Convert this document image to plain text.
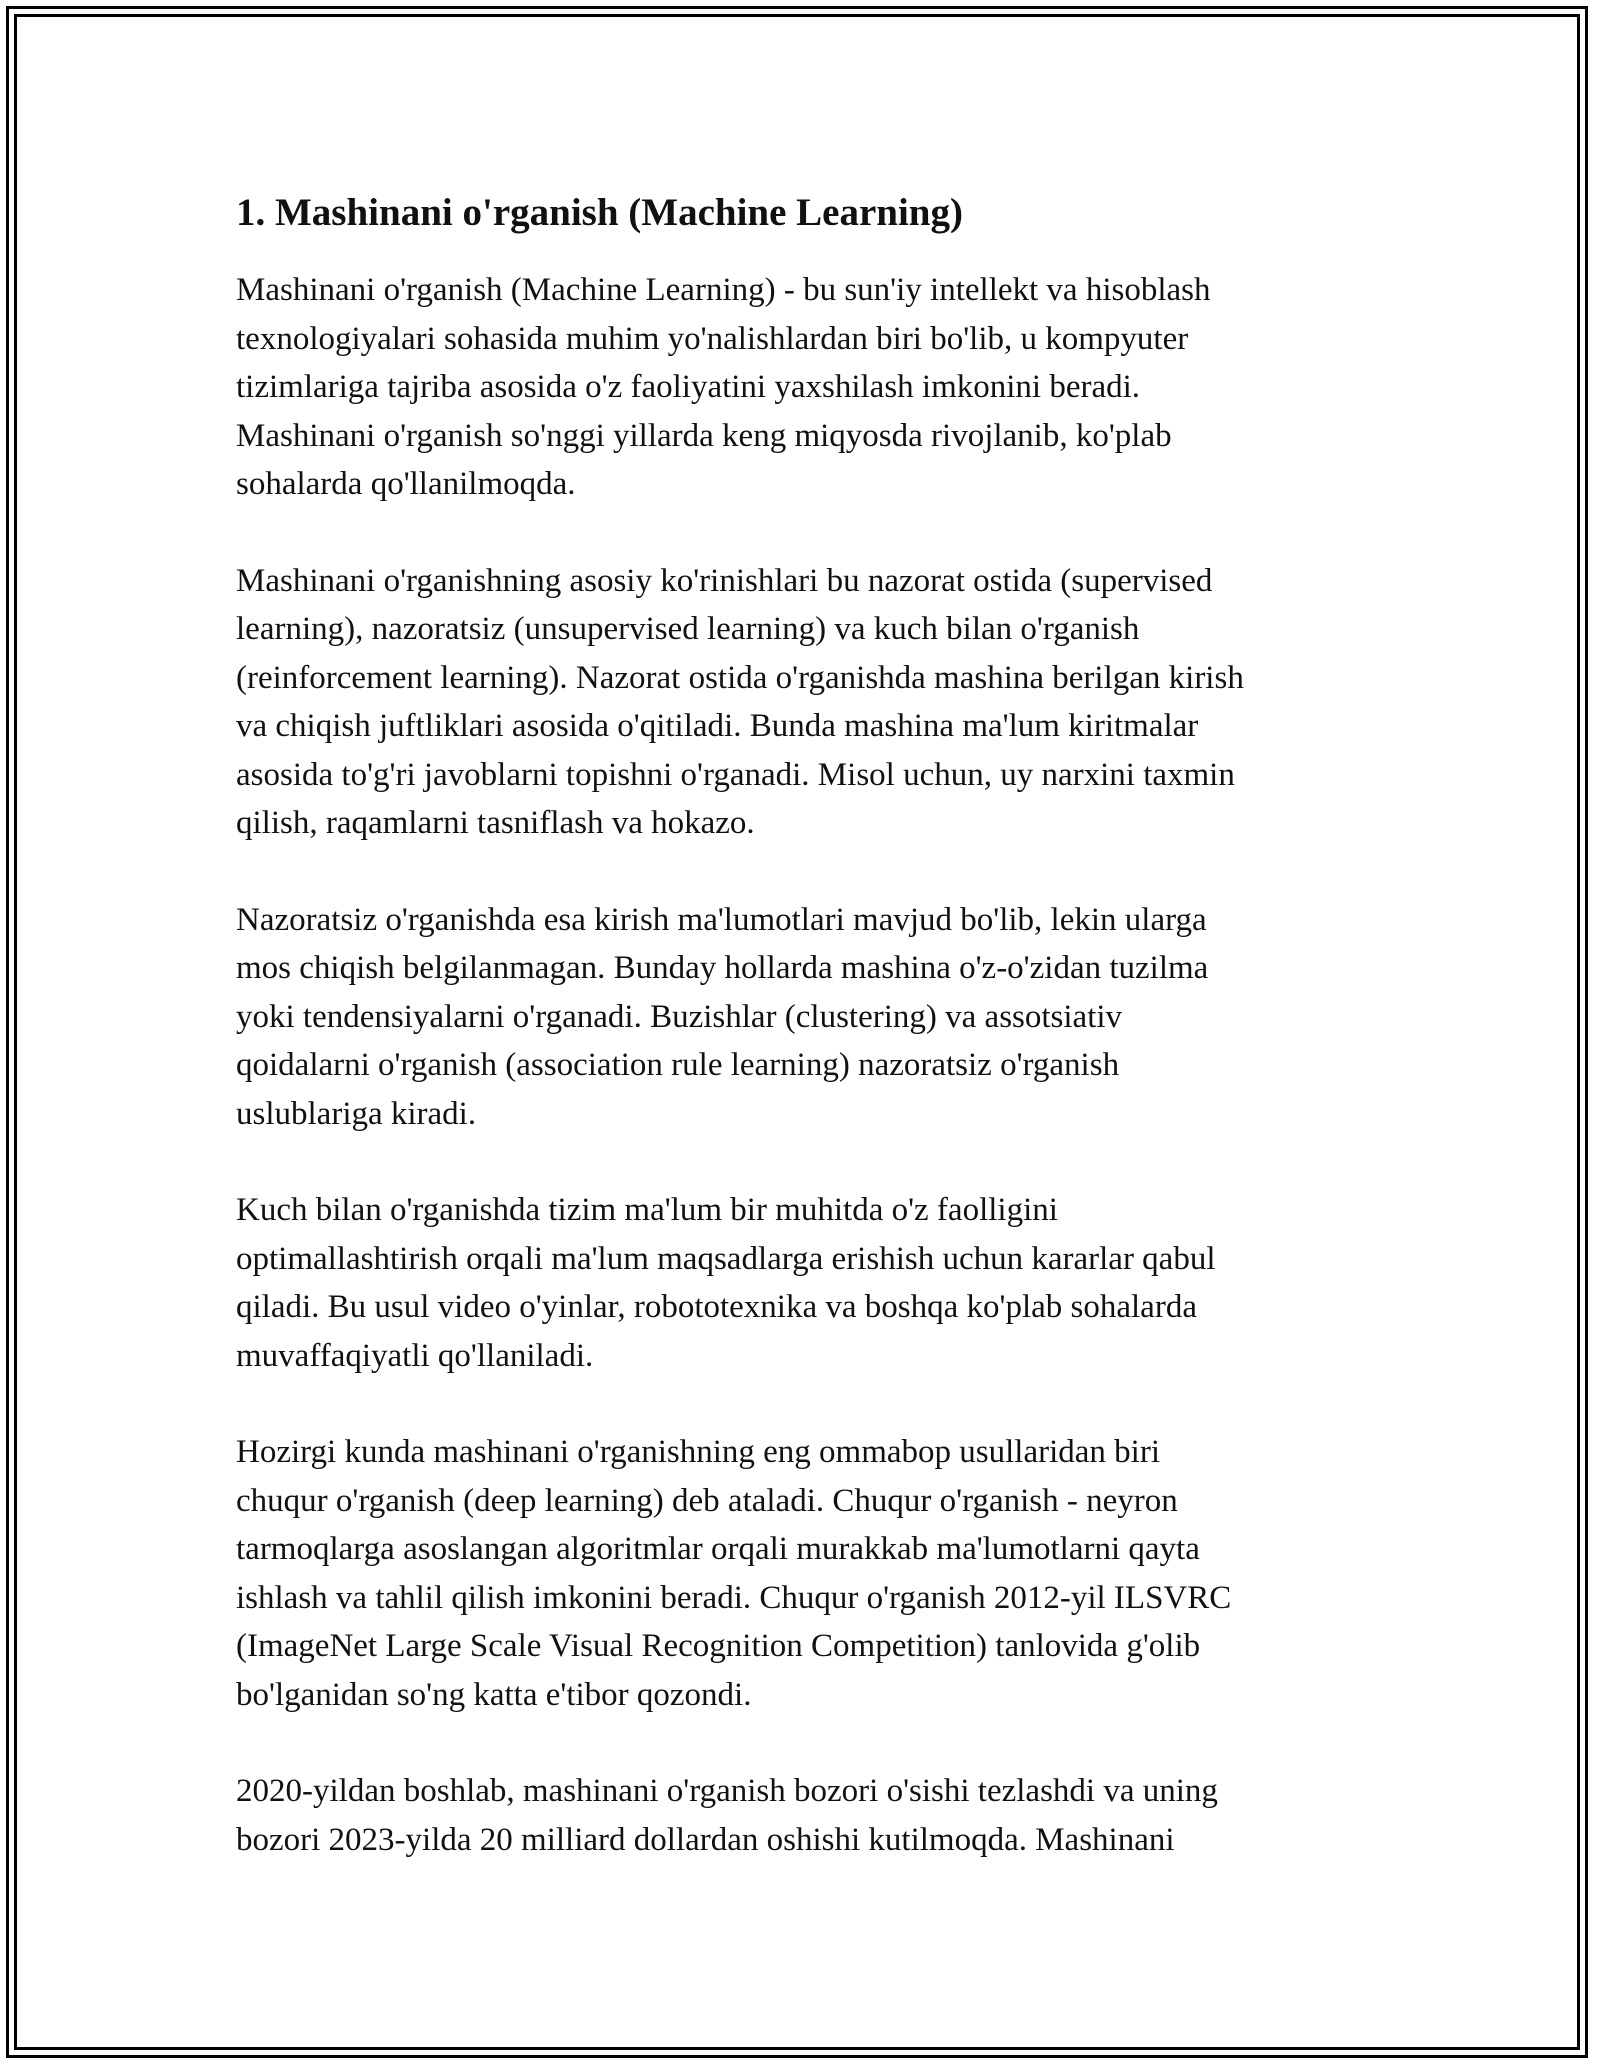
1. Mashinani o'rganish (Machine Learning)

Mashinani o'rganish (Machine Learning) - bu sun'iy intellekt va hisoblash
texnologiyalari sohasida muhim yo'nalishlardan biri bo'lib, u kompyuter
tizimlariga tajriba asosida o'z faoliyatini yaxshilash imkonini beradi.
Mashinani o'rganish so'nggi yillarda keng miqyosda rivojlanib, ko'plab
sohalarda qo'llanilmoqda.

Mashinani o'rganishning asosiy ko'rinishlari bu nazorat ostida (supervised
learning), nazoratsiz (unsupervised learning) va kuch bilan o'rganish
(reinforcement learning). Nazorat ostida o'rganishda mashina berilgan kirish
va chiqish juftliklari asosida o'qitiladi. Bunda mashina ma'lum kiritmalar
asosida to'g'ri javoblarni topishni o'rganadi. Misol uchun, uy narxini taxmin
qilish, raqamlarni tasniflash va hokazo.

Nazoratsiz o'rganishda esa kirish ma'lumotlari mavjud bo'lib, lekin ularga
mos chiqish belgilanmagan. Bunday hollarda mashina o'z-o'zidan tuzilma
yoki tendensiyalarni o'rganadi. Buzishlar (clustering) va assotsiativ
qoidalarni o'rganish (association rule learning) nazoratsiz o'rganish
uslublariga kiradi.

Kuch bilan o'rganishda tizim ma'lum bir muhitda o'z faolligini
optimallashtirish orqali ma'lum maqsadlarga erishish uchun kararlar qabul
qiladi. Bu usul video o'yinlar, robototexnika va boshqa ko'plab sohalarda
muvaffaqiyatli qo'llaniladi.

Hozirgi kunda mashinani o'rganishning eng ommabop usullaridan biri
chuqur o'rganish (deep learning) deb ataladi. Chuqur o'rganish - neyron
tarmoqlarga asoslangan algoritmlar orqali murakkab ma'lumotlarni qayta
ishlash va tahlil qilish imkonini beradi. Chuqur o'rganish 2012-yil ILSVRC
(ImageNet Large Scale Visual Recognition Competition) tanlovida g'olib
bo'lganidan so'ng katta e'tibor qozondi.

2020-yildan boshlab, mashinani o'rganish bozori o'sishi tezlashdi va uning
bozori 2023-yilda 20 milliard dollardan oshishi kutilmoqda. Mashinani
